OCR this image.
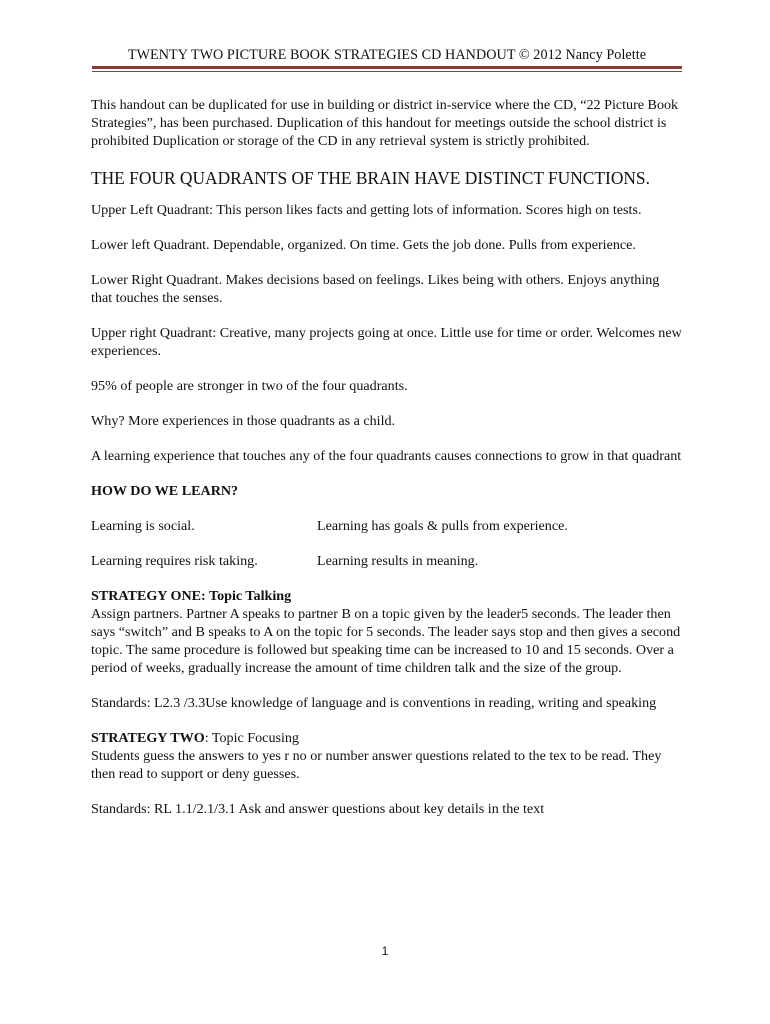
TWENTY TWO PICTURE BOOK STRATEGIES CD HANDOUT © 2012 Nancy Polette

This handout can be duplicated for use in building or district in-service where the CD, “22 Picture Book Strategies”, has been purchased. Duplication of this handout for meetings outside the school district is prohibited Duplication or storage of the CD in any retrieval system is strictly prohibited.

THE FOUR QUADRANTS OF THE BRAIN HAVE DISTINCT FUNCTIONS.

Upper Left Quadrant: This person likes facts and getting lots of information. Scores high on tests.

Lower left Quadrant. Dependable, organized. On time. Gets the job done. Pulls from experience.

Lower Right Quadrant. Makes decisions based on feelings. Likes being with others. Enjoys anything that touches the senses.

Upper right Quadrant: Creative, many projects going at once. Little use for time or order. Welcomes new experiences.

95% of people are stronger in two of the four quadrants.

Why? More experiences in those quadrants as a child.

A learning experience that touches any of the four quadrants causes connections to grow in that quadrant

HOW DO WE LEARN?

Learning is social.	Learning has goals & pulls from experience.
Learning requires risk taking.	Learning results in meaning.

STRATEGY ONE: Topic Talking

Assign partners. Partner A speaks to partner B on a topic given by the leader5 seconds. The leader then says “switch” and B speaks to A on the topic for 5 seconds. The leader says stop and then gives a second topic. The same procedure is followed but speaking time can be increased to 10 and 15 seconds. Over a period of weeks, gradually increase the amount of time children talk and the size of the group.

Standards: L2.3 /3.3Use knowledge of language and is conventions in reading, writing and speaking

STRATEGY TWO: Topic Focusing

Students guess the answers to yes r no or number answer questions related to the tex to be read. They then read to support or deny guesses.

Standards: RL 1.1/2.1/3.1 Ask and answer questions about key details in the text

1
